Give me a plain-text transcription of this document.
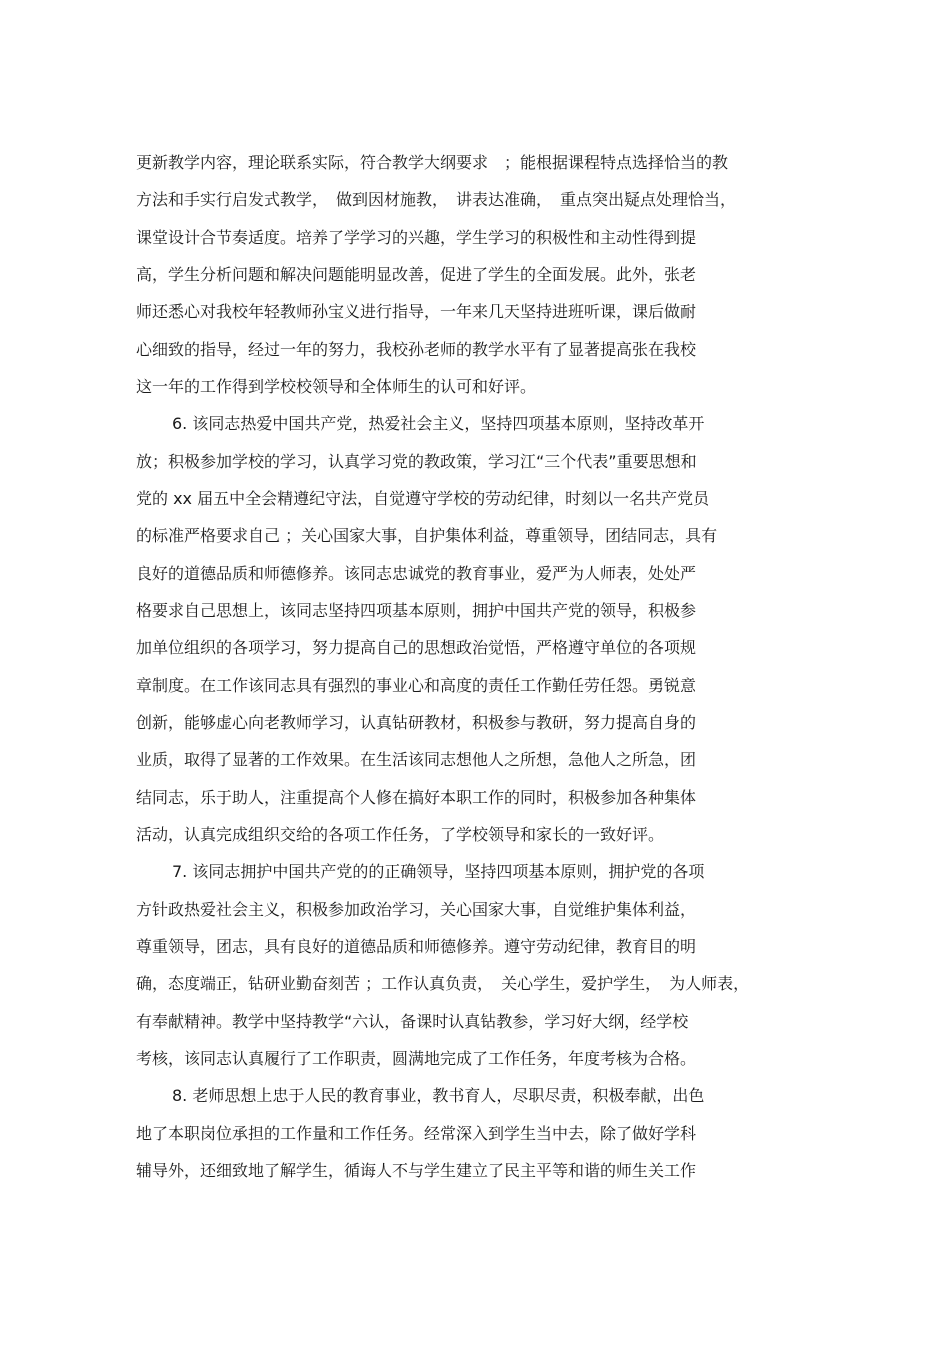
更新教学内容，理论联系实际，符合教学大纲要求　；能根据课程特点选择恰当的教
方法和手实行启发式教学，　做到因材施教，　讲表达准确，　重点突出疑点处理恰当，
课堂设计合节奏适度。培养了学学习的兴趣，学生学习的积极性和主动性得到提
高，学生分析问题和解决问题能明显改善，促进了学生的全面发展。此外，张老
师还悉心对我校年轻教师孙宝义进行指导，一年来几天坚持进班听课，课后做耐
心细致的指导，经过一年的努力，我校孙老师的教学水平有了显著提高张在我校
这一年的工作得到学校校领导和全体师生的认可和好评。
6. 该同志热爱中国共产党，热爱社会主义，坚持四项基本原则，坚持改革开
放；积极参加学校的学习，认真学习党的教政策，学习江“三个代表”重要思想和
党的 xx 届五中全会精遵纪守法，自觉遵守学校的劳动纪律，时刻以一名共产党员
的标准严格要求自己 ；关心国家大事，自护集体利益，尊重领导，团结同志，具有
良好的道德品质和师德修养。该同志忠诚党的教育事业，爱严为人师表，处处严
格要求自己思想上，该同志坚持四项基本原则，拥护中国共产党的领导，积极参
加单位组织的各项学习，努力提高自己的思想政治觉悟，严格遵守单位的各项规
章制度。在工作该同志具有强烈的事业心和高度的责任工作勤任劳任怨。勇锐意
创新，能够虚心向老教师学习，认真钻研教材，积极参与教研，努力提高自身的
业质，取得了显著的工作效果。在生活该同志想他人之所想，急他人之所急，团
结同志，乐于助人，注重提高个人修在搞好本职工作的同时，积极参加各种集体
活动，认真完成组织交给的各项工作任务，了学校领导和家长的一致好评。
7. 该同志拥护中国共产党的的正确领导，坚持四项基本原则，拥护党的各项
方针政热爱社会主义，积极参加政治学习，关心国家大事，自觉维护集体利益，
尊重领导，团志，具有良好的道德品质和师德修养。遵守劳动纪律，教育目的明
确，态度端正，钻研业勤奋刻苦 ；工作认真负责，　关心学生，爱护学生，　为人师表，
有奉献精神。教学中坚持教学“六认，备课时认真钻教参，学习好大纲，经学校
考核，该同志认真履行了工作职责，圆满地完成了工作任务，年度考核为合格。
8. 老师思想上忠于人民的教育事业，教书育人，尽职尽责，积极奉献，出色
地了本职岗位承担的工作量和工作任务。经常深入到学生当中去，除了做好学科
辅导外，还细致地了解学生，循诲人不与学生建立了民主平等和谐的师生关工作
